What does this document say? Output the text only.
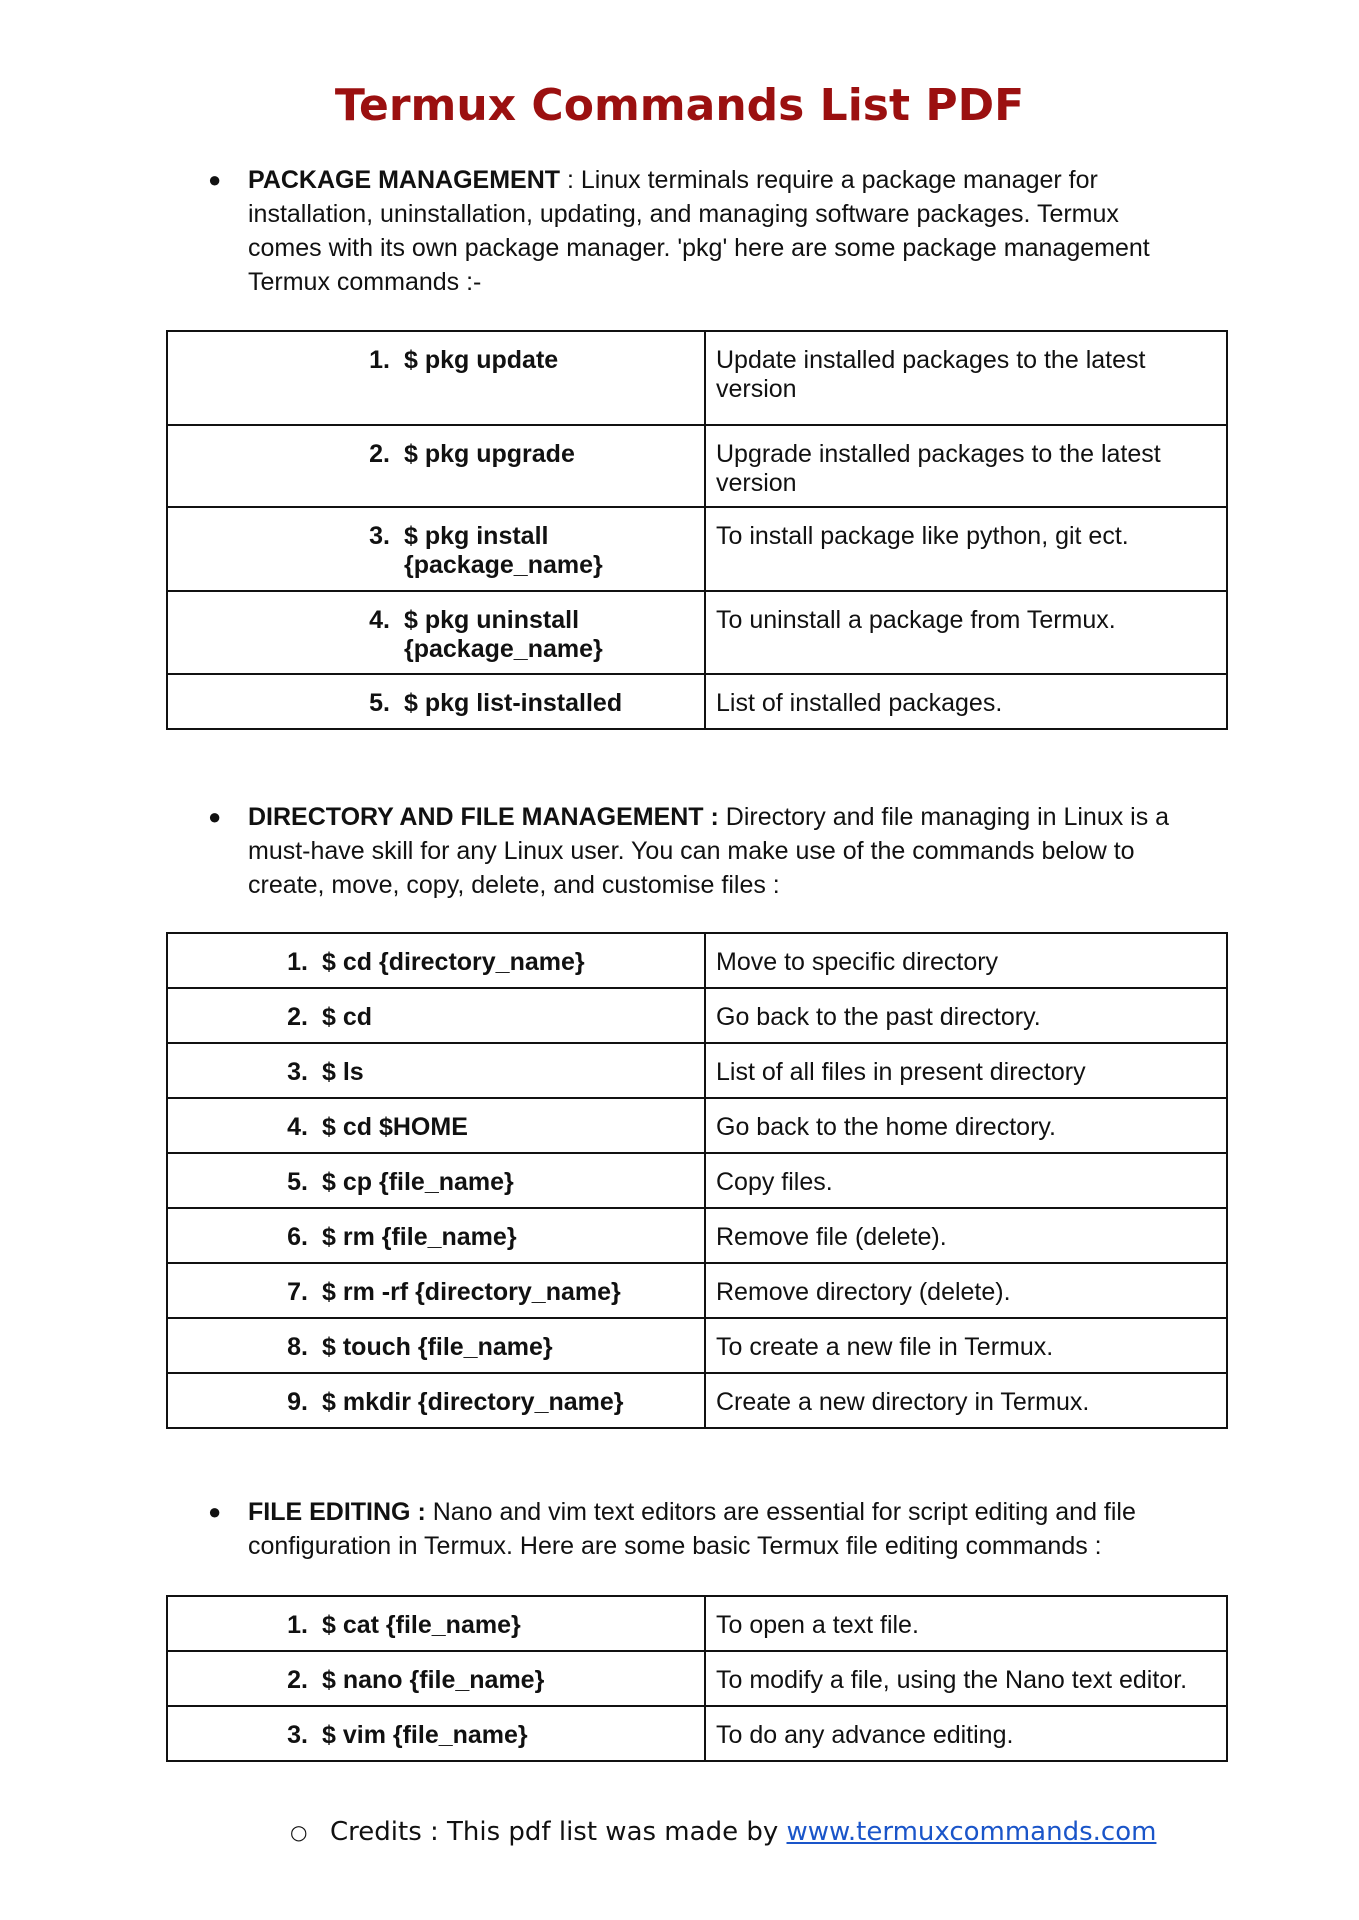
Termux Commands List PDF
● PACKAGE MANAGEMENT : Linux terminals require a package manager for installation, uninstallation, updating, and managing software packages. Termux comes with its own package manager. 'pkg' here are some package management Termux commands :-
1. $ pkg update	Update installed packages to the latest version

2. $ pkg upgrade	Upgrade installed packages to the latest version

3. $ pkg install {package_name}	To install package like python, git ect.

4. $ pkg uninstall {package_name}	To uninstall a package from Termux.

5. $ pkg list-installed	List of installed packages.
● DIRECTORY AND FILE MANAGEMENT : Directory and file managing in Linux is a must-have skill for any Linux user. You can make use of the commands below to create, move, copy, delete, and customise files :
1. $ cd {directory_name}	Move to specific directory

2. $ cd	Go back to the past directory.

3. $ ls	List of all files in present directory

4. $ cd $HOME	Go back to the home directory.

5. $ cp {file_name}	Copy files.

6. $ rm {file_name}	Remove file (delete).

7. $ rm -rf {directory_name}	Remove directory (delete).

8. $ touch {file_name}	To create a new file in Termux.

9. $ mkdir {directory_name}	Create a new directory in Termux.
● FILE EDITING : Nano and vim text editors are essential for script editing and file configuration in Termux. Here are some basic Termux file editing commands :
1. $ cat {file_name}	To open a text file.

2. $ nano {file_name}	To modify a file, using the Nano text editor.

3. $ vim {file_name}	To do any advance editing.
○ Credits : This pdf list was made by www.termuxcommands.com
